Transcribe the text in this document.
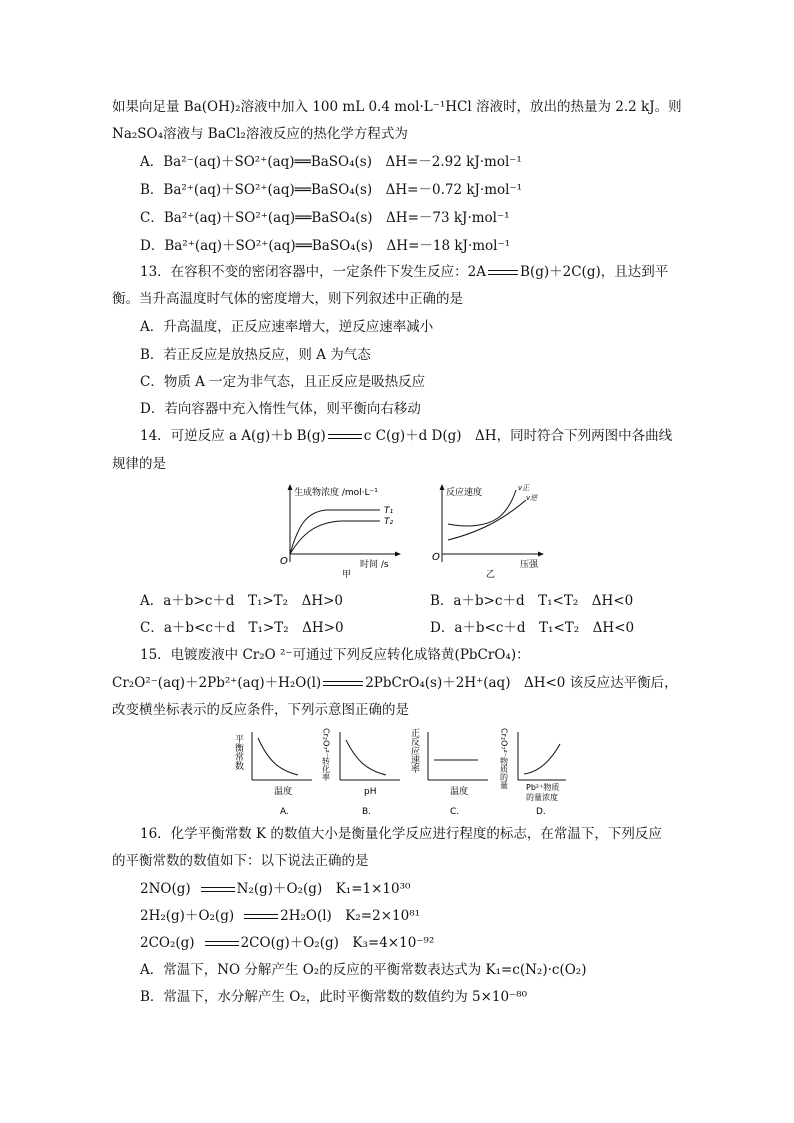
如果向足量 Ba(OH)₂溶液中加入 100 mL 0.4 mol·L⁻¹HCl 溶液时，放出的热量为 2.2 kJ。则
Na₂SO₄溶液与 BaCl₂溶液反应的热化学方程式为
A．Ba²⁻(aq)＋SO²⁺(aq)══BaSO₄(s)　ΔH=－2.92 kJ·mol⁻¹
B．Ba²⁺(aq)＋SO²⁺(aq)══BaSO₄(s)　ΔH=－0.72 kJ·mol⁻¹
C．Ba²⁺(aq)＋SO²⁺(aq)══BaSO₄(s)　ΔH=－73 kJ·mol⁻¹
D．Ba²⁺(aq)＋SO²⁺(aq)══BaSO₄(s)　ΔH=－18 kJ·mol⁻¹
13．在容积不变的密闭容器中，一定条件下发生反应：2A	B(g)＋2C(g)，且达到平
衡。当升高温度时气体的密度增大，则下列叙述中正确的是
A．升高温度，正反应速率增大，逆反应速率减小
B．若正反应是放热反应，则 A 为气态
C．物质 A 一定为非气态，且正反应是吸热反应
D．若向容器中充入惰性气体，则平衡向右移动
14．可逆反应 a A(g)＋b B(g)	c C(g)＋d D(g)　ΔH，同时符合下列两图中各曲线
规律的是
生成物浓度 /mol·L⁻¹
T₁
T₂
O	时间 /s
甲
反应速度	v正
v逆
O
压强
乙
A．a＋b>c＋d　T₁>T₂　ΔH>0	B．a＋b>c＋d　T₁<T₂　ΔH<0
C．a＋b<c＋d　T₁>T₂　ΔH>0	D．a＋b<c＋d　T₁<T₂　ΔH<0
15．电镀废液中 Cr₂O ²⁻可通过下列反应转化成铬黄(PbCrO₄)：
Cr₂O²⁻(aq)＋2Pb²⁺(aq)＋H₂O(l)	2PbCrO₄(s)＋2H⁺(aq)　ΔH<0 该反应达平衡后，
改变横坐标表示的反应条件，下列示意图正确的是
平衡常数
温度
A.
Cr₂O₇²⁻转化率
pH
B.
正反应速率
温度
C.
Cr₂O₇²⁻物质的量 Pb²⁺物质
的量浓度
D.
16．化学平衡常数 K 的数值大小是衡量化学反应进行程度的标志，在常温下，下列反应
的平衡常数的数值如下：以下说法正确的是
2NO(g)	N₂(g)＋O₂(g)　K₁=1×10³⁰
2H₂(g)＋O₂(g)	2H₂O(l)　K₂=2×10⁸¹
2CO₂(g)	2CO(g)＋O₂(g)　K₃=4×10⁻⁹²
A．常温下，NO 分解产生 O₂的反应的平衡常数表达式为 K₁=c(N₂)·c(O₂)
B．常温下，水分解产生 O₂，此时平衡常数的数值约为 5×10⁻⁸⁰
